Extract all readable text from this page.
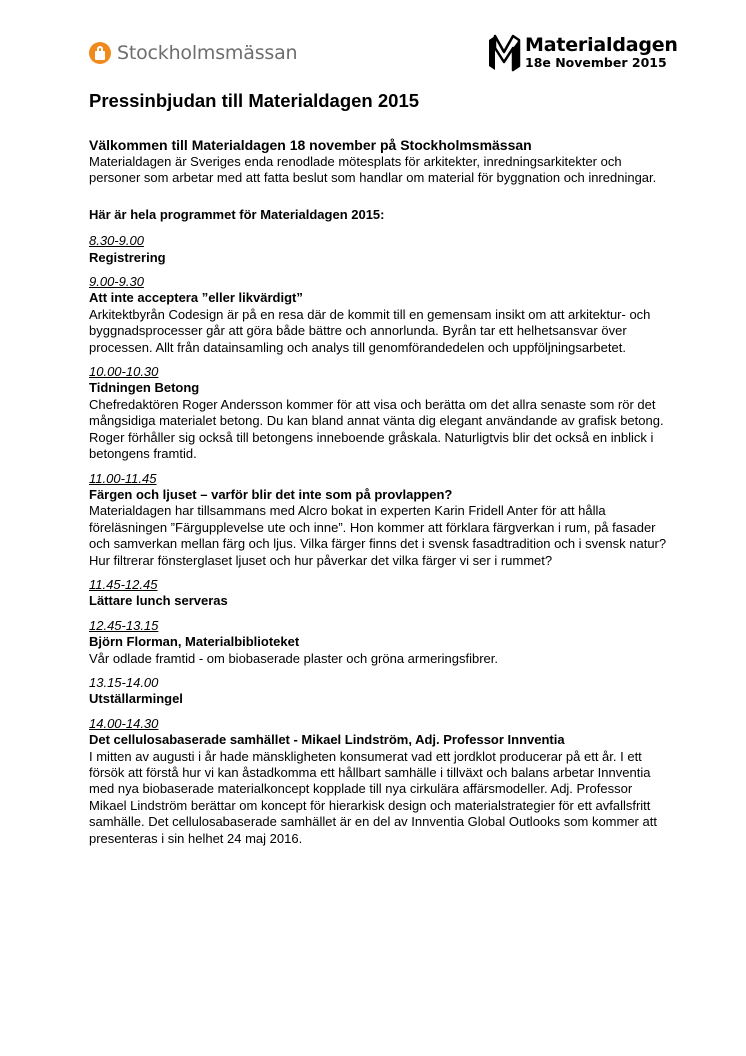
Stockholmsmässan	Materialdagen
18e November 2015
Pressinbjudan till Materialdagen 2015

Välkommen till Materialdagen 18 november på Stockholmsmässan

Materialdagen är Sveriges enda renodlade mötesplats för arkitekter, inredningsarkitekter och personer som arbetar med att fatta beslut som handlar om material för byggnation och inredningar.

Här är hela programmet för Materialdagen 2015:

8.30-9.00
Registrering
9.00-9.30
Att inte acceptera ”eller likvärdigt”
Arkitektbyrån Codesign är på en resa där de kommit till en gemensam insikt om att arkitektur- och byggnadsprocesser går att göra både bättre och annorlunda. Byrån tar ett helhetsansvar över processen. Allt från datainsamling och analys till genomförandedelen och uppföljningsarbetet.
10.00-10.30
Tidningen Betong
Chefredaktören Roger Andersson kommer för att visa och berätta om det allra senaste som rör det mångsidiga materialet betong. Du kan bland annat vänta dig elegant användande av grafisk betong. Roger förhåller sig också till betongens inneboende gråskala. Naturligtvis blir det också en inblick i betongens framtid.
11.00-11.45
Färgen och ljuset – varför blir det inte som på provlappen?
Materialdagen har tillsammans med Alcro bokat in experten Karin Fridell Anter för att hålla föreläsningen ”Färgupplevelse ute och inne”. Hon kommer att förklara färgverkan i rum, på fasader och samverkan mellan färg och ljus. Vilka färger finns det i svensk fasadtradition och i svensk natur? Hur filtrerar fönsterglaset ljuset och hur påverkar det vilka färger vi ser i rummet?
11.45-12.45
Lättare lunch serveras
12.45-13.15
Björn Florman, Materialbiblioteket
Vår odlade framtid - om biobaserade plaster och gröna armeringsfibrer.
13.15-14.00
Utställarmingel
14.00-14.30
Det cellulosabaserade samhället - Mikael Lindström, Adj. Professor Innventia
I mitten av augusti i år hade mänskligheten konsumerat vad ett jordklot producerar på ett år. I ett försök att förstå hur vi kan åstadkomma ett hållbart samhälle i tillväxt och balans arbetar Innventia med nya biobaserade materialkoncept kopplade till nya cirkulära affärsmodeller. Adj. Professor Mikael Lindström berättar om koncept för hierarkisk design och materialstrategier för ett avfallsfritt samhälle. Det cellulosabaserade samhället är en del av Innventia Global Outlooks som kommer att presenteras i sin helhet 24 maj 2016.
